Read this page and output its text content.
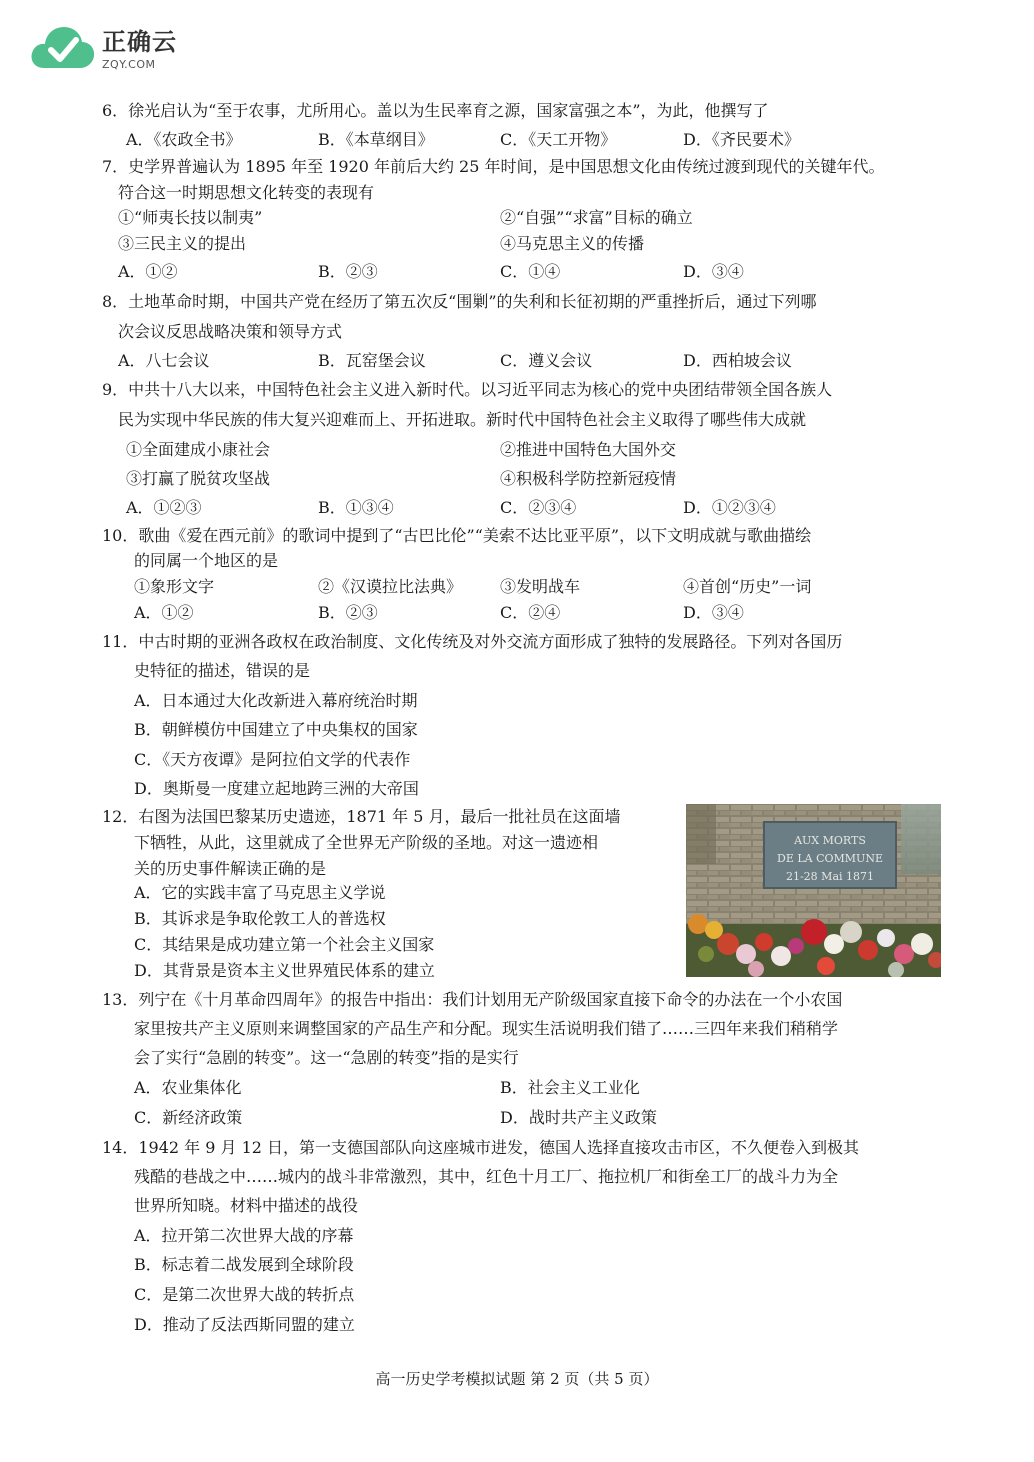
正确云
ZQY.COM
6．徐光启认为“至于农事，尤所用心。盖以为生民率育之源，国家富强之本”，为此，他撰写了
A．《农政全书》	B．《本草纲目》	C．《天工开物》	D．《齐民要术》
7．史学界普遍认为 1895 年至 1920 年前后大约 25 年时间，是中国思想文化由传统过渡到现代的关键年代。
符合这一时期思想文化转变的表现有
①“师夷长技以制夷”	②“自强”“求富”目标的确立
③三民主义的提出	④马克思主义的传播
A．①②	B．②③	C．①④	D．③④
8．土地革命时期，中国共产党在经历了第五次反“围剿”的失利和长征初期的严重挫折后，通过下列哪
次会议反思战略决策和领导方式
A．八七会议	B．瓦窑堡会议	C．遵义会议	D．西柏坡会议
9．中共十八大以来，中国特色社会主义进入新时代。以习近平同志为核心的党中央团结带领全国各族人
民为实现中华民族的伟大复兴迎难而上、开拓进取。新时代中国特色社会主义取得了哪些伟大成就
①全面建成小康社会	②推进中国特色大国外交
③打赢了脱贫攻坚战	④积极科学防控新冠疫情
A．①②③	B．①③④	C．②③④	D．①②③④
10．歌曲《爱在西元前》的歌词中提到了“古巴比伦”“美索不达比亚平原”，以下文明成就与歌曲描绘
的同属一个地区的是
①象形文字	②《汉谟拉比法典》 ③发明战车	④首创“历史”一词
A．①②	B．②③	C．②④	D．③④
11．中古时期的亚洲各政权在政治制度、文化传统及对外交流方面形成了独特的发展路径。下列对各国历
史特征的描述，错误的是
A．日本通过大化改新进入幕府统治时期
B．朝鲜模仿中国建立了中央集权的国家
C．《天方夜谭》是阿拉伯文学的代表作
D．奥斯曼一度建立起地跨三洲的大帝国
12．右图为法国巴黎某历史遗迹，1871 年 5 月，最后一批社员在这面墙
下牺牲，从此，这里就成了全世界无产阶级的圣地。对这一遗迹相
关的历史事件解读正确的是
A．它的实践丰富了马克思主义学说
B．其诉求是争取伦敦工人的普选权
C．其结果是成功建立第一个社会主义国家
D．其背景是资本主义世界殖民体系的建立
AUX MORTS
DE LA COMMUNE
21-28 Mai 1871
13．列宁在《十月革命四周年》的报告中指出：我们计划用无产阶级国家直接下命令的办法在一个小农国
家里按共产主义原则来调整国家的产品生产和分配。现实生活说明我们错了……三四年来我们稍稍学
会了实行“急剧的转变”。这一“急剧的转变”指的是实行
A．农业集体化	B．社会主义工业化
C．新经济政策	D．战时共产主义政策
14．1942 年 9 月 12 日，第一支德国部队向这座城市进发，德国人选择直接攻击市区，不久便卷入到极其
残酷的巷战之中……城内的战斗非常激烈，其中，红色十月工厂、拖拉机厂和街垒工厂的战斗力为全
世界所知晓。材料中描述的战役
A．拉开第二次世界大战的序幕
B．标志着二战发展到全球阶段
C．是第二次世界大战的转折点
D．推动了反法西斯同盟的建立
高一历史学考模拟试题 第 2 页（共 5 页）
